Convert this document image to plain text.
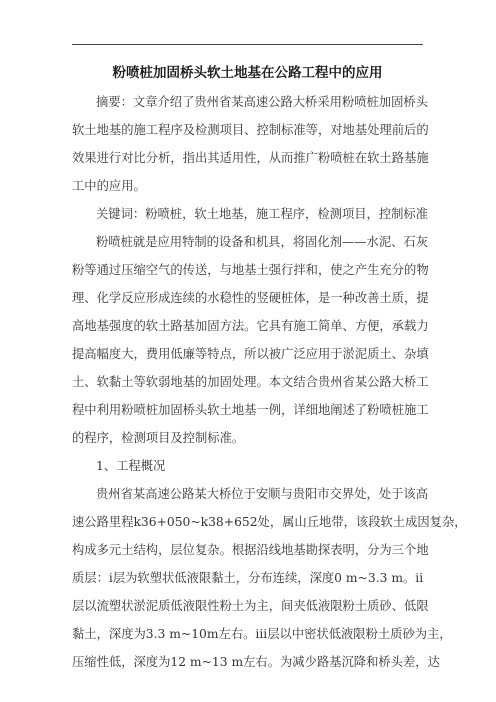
粉喷桩加固桥头软土地基在公路工程中的应用
摘要：文章介绍了贵州省某高速公路大桥采用粉喷桩加固桥头
软土地基的施工程序及检测项目、控制标准等，对地基处理前后的
效果进行对比分析，指出其适用性，从而推广粉喷桩在软土路基施
工中的应用。
关键词：粉喷桩，软土地基，施工程序，检测项目，控制标准
粉喷桩就是应用特制的设备和机具，将固化剂——水泥、石灰
粉等通过压缩空气的传送，与地基土强行拌和，使之产生充分的物
理、化学反应形成连续的水稳性的竖硬桩体，是一种改善土质，提
高地基强度的软土路基加固方法。它具有施工简单、方便，承载力
提高幅度大，费用低廉等特点，所以被广泛应用于淤泥质土、杂填
土、软黏土等软弱地基的加固处理。本文结合贵州省某公路大桥工
程中利用粉喷桩加固桥头软土地基一例，详细地阐述了粉喷桩施工
的程序，检测项目及控制标准。
1、工程概况
贵州省某高速公路某大桥位于安顺与贵阳市交界处，处于该高
速公路里程k36+050~k38+652处，属山丘地带，该段软土成因复杂，
构成多元土结构，层位复杂。根据沿线地基勘探表明，分为三个地
质层：ⅰ层为软塑状低液限黏土，分布连续，深度0 m~3.3 m。ⅱ
层以流塑状淤泥质低液限性粉土为主，间夹低液限粉土质砂、低限
黏土，深度为3.3 m~10m左右。ⅲ层以中密状低液限粉土质砂为主，
压缩性低，深度为12 m~13 m左右。为减少路基沉降和桥头差，达
